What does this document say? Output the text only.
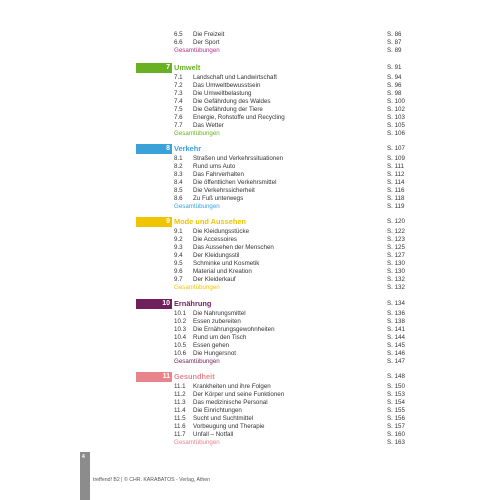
6.5	Die Freizeit	S. 86
6.6	Der Sport	S. 87
Gesamtübungen	S. 89
7 Umwelt	S. 91
7.1	Landschaft und Landwirtschaft	S. 94
7.2	Das Umweltbewusstsein	S. 96
7.3	Die Umweltbelastung	S. 98
7.4	Die Gefährdung des Waldes	S. 100
7.5	Die Gefährdung der Tiere	S. 102
7.6	Energie, Rohstoffe und Recycling	S. 103
7.7	Das Wetter	S. 105
Gesamtübungen	S. 106
8 Verkehr	S. 107
8.1	Straßen und Verkehrssituationen	S. 109
8.2	Rund ums Auto	S. 111
8.3	Das Fahrverhalten	S. 112
8.4	Die öffentlichen Verkehrsmittel	S. 114
8.5	Die Verkehrssicherheit	S. 116
8.6	Zu Fuß unterwegs	S. 118
Gesamtübungen	S. 119
9 Mode und Aussehen	S. 120
9.1	Die Kleidungsstücke	S. 122
9.2	Die Accessoires	S. 123
9.3	Das Aussehen der Menschen	S. 125
9.4	Der Kleidungsstil	S. 127
9.5	Schminke und Kosmetik	S. 130
9.6	Material und Kreation	S. 130
9.7	Der Kleiderkauf	S. 132
Gesamtübungen	S. 132
10 Ernährung	S. 134
10.1	Die Nahrungsmittel	S. 136
10.2	Essen zubereiten	S. 138
10.3	Die Ernährungsgewohnheiten	S. 141
10.4	Rund um den Tisch	S. 144
10.5	Essen gehen	S. 145
10.6	Die Hungersnot	S. 146
Gesamtübungen	S. 147
11 Gesundheit	S. 148
11.1	Krankheiten und ihre Folgen	S. 150
11.2	Der Körper und seine Funktionen	S. 153
11.3	Das medizinische Personal	S. 154
11.4	Die Einrichtungen	S. 155
11.5	Sucht und Suchtmittel	S. 156
11.6	Vorbeugung und Therapie	S. 157
11.7	Unfall – Notfall	S. 160
Gesamtübungen	S. 163
4
treffend! B2 | © CHR. KARABATOS - Verlag, Athen
